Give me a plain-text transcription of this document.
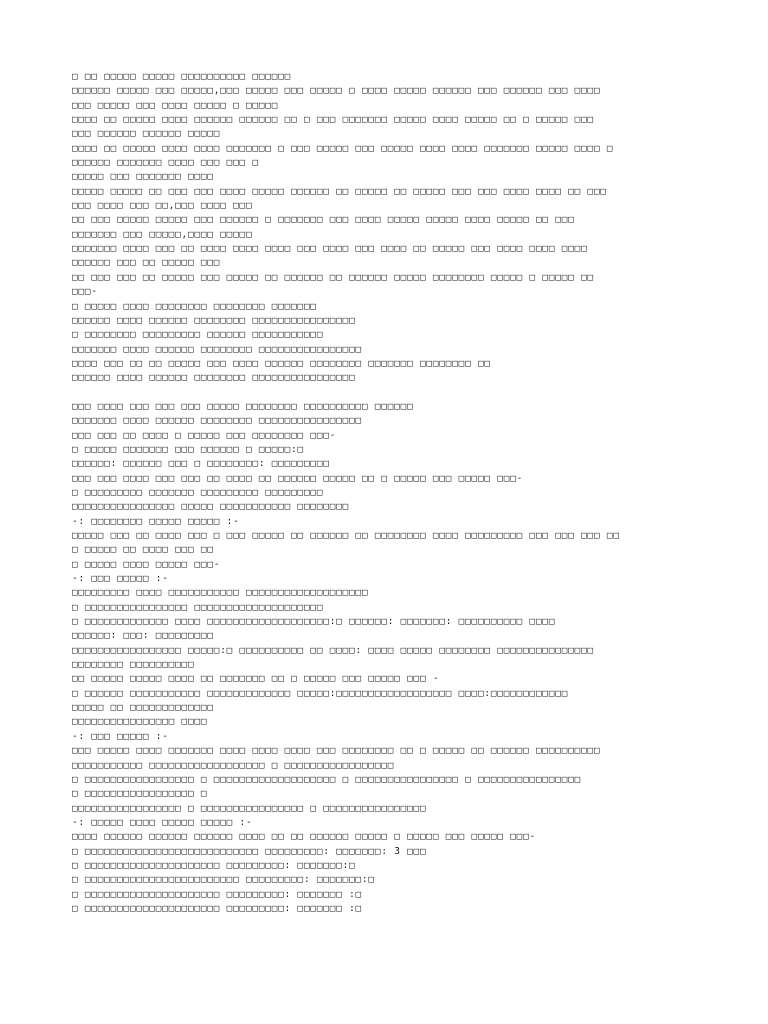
□ □□ □□□□□ □□□□□ □□□□□□□□□□ □□□□□□
□□□□□□ □□□□□ □□□ □□□□□,□□□ □□□□□ □□□ □□□□□ □ □□□□ □□□□□ □□□□□□ □□□ □□□□□□ □□□ □□□□
□□□ □□□□□ □□□ □□□□ □□□□□ □ □□□□□
□□□□ □□ □□□□□ □□□□ □□□□□□ □□□□□□ □□ □ □□□ □□□□□□□ □□□□□ □□□□ □□□□□ □□ □ □□□□□ □□□
□□□ □□□□□□ □□□□□□ □□□□□
□□□□ □□ □□□□□ □□□□ □□□□ □□□□□□□ □ □□□ □□□□□ □□□ □□□□□ □□□□ □□□□ □□□□□□□ □□□□□ □□□□ □
□□□□□□ □□□□□□□ □□□□ □□□ □□□ □
□□□□□ □□□ □□□□□□□ □□□□
□□□□□ □□□□□ □□ □□□ □□□ □□□□ □□□□□ □□□□□□ □□ □□□□□ □□ □□□□□ □□□ □□□ □□□□ □□□□ □□ □□□
□□□ □□□□ □□□ □□,□□□ □□□□ □□□
□□ □□□ □□□□□ □□□□□ □□□ □□□□□□ □ □□□□□□□ □□□ □□□□ □□□□□ □□□□□ □□□□ □□□□□ □□ □□□
□□□□□□□ □□□ □□□□□,□□□□ □□□□□
□□□□□□□ □□□□ □□□ □□ □□□□ □□□□ □□□□ □□□ □□□□ □□□ □□□□ □□ □□□□□ □□□ □□□□ □□□□ □□□□
□□□□□□ □□□ □□ □□□□□ □□□
□□ □□□ □□□ □□ □□□□□ □□□ □□□□□ □□ □□□□□□ □□ □□□□□□ □□□□□ □□□□□□□□ □□□□□ □ □□□□□ □□
□□□-
□ □□□□□ □□□□ □□□□□□□□ □□□□□□□□ □□□□□□□
□□□□□□ □□□□ □□□□□□ □□□□□□□□ □□□□□□□□□□□□□□□□
□ □□□□□□□□ □□□□□□□□□ □□□□□□ □□□□□□□□□□□
□□□□□□□ □□□□ □□□□□□ □□□□□□□□ □□□□□□□□□□□□□□□□
□□□□ □□□ □□ □□ □□□□□ □□□ □□□□ □□□□□□ □□□□□□□□ □□□□□□□ □□□□□□□□ □□
□□□□□□ □□□□ □□□□□□ □□□□□□□□ □□□□□□□□□□□□□□□□
□□□ □□□□ □□□ □□□ □□□ □□□□□ □□□□□□□□ □□□□□□□□□□ □□□□□□
□□□□□□□ □□□□ □□□□□□ □□□□□□□□ □□□□□□□□□□□□□□□□
□□□ □□□ □□ □□□□ □ □□□□□ □□□ □□□□□□□□ □□□-
□ □□□□□ □□□□□□□ □□□ □□□□□□ □ □□□□□:□
□□□□□□: □□□□□□ □□□ □ □□□□□□□□: □□□□□□□□□
□□□ □□□ □□□□ □□□ □□□ □□ □□□□ □□ □□□□□□ □□□□□ □□ □ □□□□□ □□□ □□□□□ □□□-
□ □□□□□□□□□ □□□□□□□ □□□□□□□□□ □□□□□□□□□
□□□□□□□□□□□□□□□□ □□□□□ □□□□□□□□□□□ □□□□□□□□
-: □□□□□□□□ □□□□□ □□□□□ :-
□□□□□ □□□ □□ □□□□ □□□ □ □□□ □□□□□ □□ □□□□□□ □□ □□□□□□□□ □□□□ □□□□□□□□□ □□□ □□□ □□□ □□
□ □□□□□ □□ □□□□ □□□ □□
□ □□□□□ □□□□ □□□□□ □□□-
-: □□□ □□□□□ :-
□□□□□□□□□ □□□□ □□□□□□□□□□□ □□□□□□□□□□□□□□□□□□□
□ □□□□□□□□□□□□□□□□ □□□□□□□□□□□□□□□□□□□□
□ □□□□□□□□□□□□□ □□□□ □□□□□□□□□□□□□□□□□□□:□ □□□□□□: □□□□□□□: □□□□□□□□□□ □□□□
□□□□□□: □□□: □□□□□□□□□
□□□□□□□□□□□□□□□□□ □□□□□:□ □□□□□□□□□□ □□ □□□□: □□□□ □□□□□ □□□□□□□□ □□□□□□□□□□□□□□□
□□□□□□□□ □□□□□□□□□□
□□ □□□□□ □□□□□ □□□□ □□ □□□□□□□ □□ □ □□□□□ □□□ □□□□□ □□□ -
□ □□□□□□ □□□□□□□□□□□ □□□□□□□□□□□□□ □□□□□:□□□□□□□□□□□□□□□□□□ □□□□:□□□□□□□□□□□□
□□□□□ □□ □□□□□□□□□□□□□
□□□□□□□□□□□□□□□□ □□□□
-: □□□ □□□□□ :-
□□□ □□□□□ □□□□ □□□□□□□ □□□□ □□□□ □□□□ □□□ □□□□□□□□ □□ □ □□□□□ □□ □□□□□□ □□□□□□□□□□
□□□□□□□□□□□ □□□□□□□□□□□□□□□□□□ □ □□□□□□□□□□□□□□□□□
□ □□□□□□□□□□□□□□□□□ □ □□□□□□□□□□□□□□□□□□□ □ □□□□□□□□□□□□□□□□ □ □□□□□□□□□□□□□□□□
□ □□□□□□□□□□□□□□□□□ □
□□□□□□□□□□□□□□□□□ □ □□□□□□□□□□□□□□□□ □ □□□□□□□□□□□□□□□□
-: □□□□□ □□□□ □□□□□ □□□□□ :-
□□□□ □□□□□□ □□□□□□ □□□□□□ □□□□ □□ □□ □□□□□□ □□□□□ □ □□□□□ □□□ □□□□□ □□□-
□ □□□□□□□□□□□□□□□□□□□□□□□□□□□ □□□□□□□□□: □□□□□□□: 3 □□□
□ □□□□□□□□□□□□□□□□□□□□□ □□□□□□□□□: □□□□□□□:□
□ □□□□□□□□□□□□□□□□□□□□□□□□ □□□□□□□□□: □□□□□□□:□
□ □□□□□□□□□□□□□□□□□□□□□ □□□□□□□□□: □□□□□□□ :□
□ □□□□□□□□□□□□□□□□□□□□□ □□□□□□□□□: □□□□□□□ :□
